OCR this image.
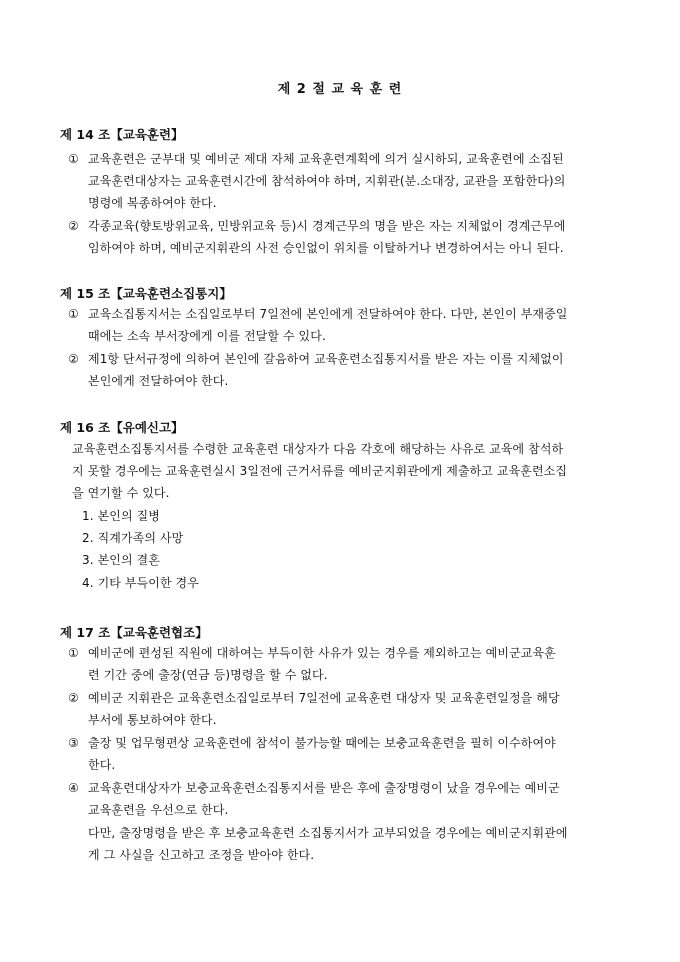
제 2 절 교 육 훈 련
제 14 조【교육훈련】
① 교육훈련은 군부대 및 예비군 제대 자체 교육훈련계획에 의거 실시하되, 교육훈련에 소집된
교육훈련대상자는 교육훈련시간에 참석하여야 하며, 지휘관(분.소대장, 교관을 포함한다)의
명령에 복종하여야 한다.
② 각종교육(향토방위교육, 민방위교육 등)시 경계근무의 명을 받은 자는 지체없이 경계근무에
임하여야 하며, 예비군지휘관의 사전 승인없이 위치를 이탈하거나 변경하여서는 아니 된다.
제 15 조【교육훈련소집통지】
① 교육소집통지서는 소집일로부터 7일전에 본인에게 전달하여야 한다. 다만, 본인이 부재중일
때에는 소속 부서장에게 이를 전달할 수 있다.
② 제1항 단서규정에 의하여 본인에 갈음하여 교육훈련소집통지서를 받은 자는 이를 지체없이
본인에게 전달하여야 한다.
제 16 조【유예신고】
교육훈련소집통지서를 수령한 교육훈련 대상자가 다음 각호에 해당하는 사유로 교육에 참석하
지 못할 경우에는 교육훈련실시 3일전에 근거서류를 예비군지휘관에게 제출하고 교육훈련소집
을 연기할 수 있다.
1. 본인의 질병
2. 직계가족의 사망
3. 본인의 결혼
4. 기타 부득이한 경우
제 17 조【교육훈련협조】
① 예비군에 편성된 직원에 대하여는 부득이한 사유가 있는 경우를 제외하고는 예비군교육훈
련 기간 중에 출장(연금 등)명령을 할 수 없다.
② 예비군 지휘관은 교육훈련소집일로부터 7일전에 교육훈련 대상자 및 교육훈련일정을 해당
부서에 통보하여야 한다.
③ 출장 및 업무형편상 교육훈련에 참석이 불가능할 때에는 보충교육훈련을 필히 이수하여야
한다.
④ 교육훈련대상자가 보충교육훈련소집통지서를 받은 후에 출장명령이 났을 경우에는 예비군
교육훈련을 우선으로 한다.
다만, 출장명령을 받은 후 보충교육훈련 소집통지서가 교부되었을 경우에는 예비군지휘관에
게 그 사실을 신고하고 조정을 받아야 한다.
